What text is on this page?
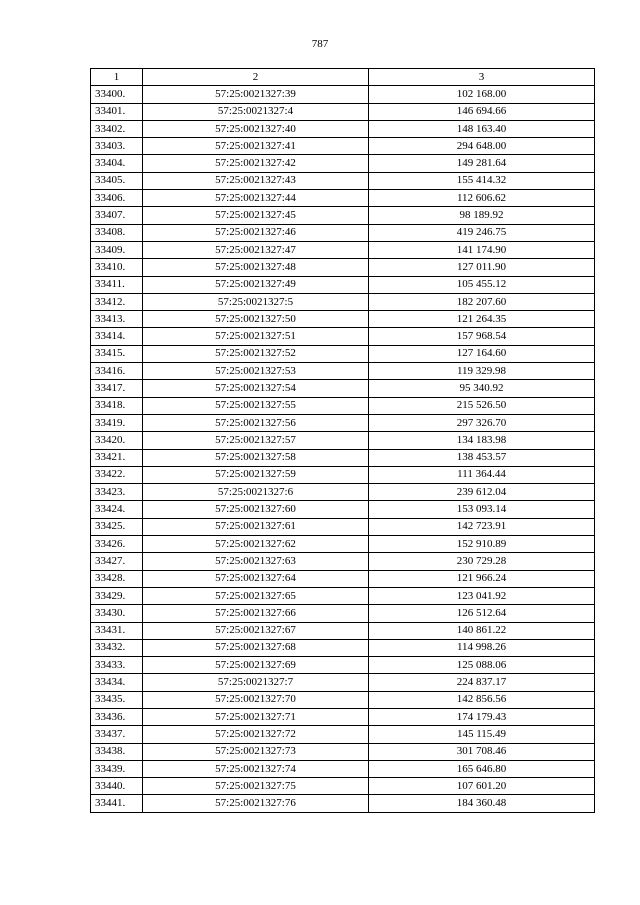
787
1	2	3
33400.	57:25:0021327:39	102 168.00
33401.	57:25:0021327:4	146 694.66
33402.	57:25:0021327:40	148 163.40
33403.	57:25:0021327:41	294 648.00
33404.	57:25:0021327:42	149 281.64
33405.	57:25:0021327:43	155 414.32
33406.	57:25:0021327:44	112 606.62
33407.	57:25:0021327:45	98 189.92
33408.	57:25:0021327:46	419 246.75
33409.	57:25:0021327:47	141 174.90
33410.	57:25:0021327:48	127 011.90
33411.	57:25:0021327:49	105 455.12
33412.	57:25:0021327:5	182 207.60
33413.	57:25:0021327:50	121 264.35
33414.	57:25:0021327:51	157 968.54
33415.	57:25:0021327:52	127 164.60
33416.	57:25:0021327:53	119 329.98
33417.	57:25:0021327:54	95 340.92
33418.	57:25:0021327:55	215 526.50
33419.	57:25:0021327:56	297 326.70
33420.	57:25:0021327:57	134 183.98
33421.	57:25:0021327:58	138 453.57
33422.	57:25:0021327:59	111 364.44
33423.	57:25:0021327:6	239 612.04
33424.	57:25:0021327:60	153 093.14
33425.	57:25:0021327:61	142 723.91
33426.	57:25:0021327:62	152 910.89
33427.	57:25:0021327:63	230 729.28
33428.	57:25:0021327:64	121 966.24
33429.	57:25:0021327:65	123 041.92
33430.	57:25:0021327:66	126 512.64
33431.	57:25:0021327:67	140 861.22
33432.	57:25:0021327:68	114 998.26
33433.	57:25:0021327:69	125 088.06
33434.	57:25:0021327:7	224 837.17
33435.	57:25:0021327:70	142 856.56
33436.	57:25:0021327:71	174 179.43
33437.	57:25:0021327:72	145 115.49
33438.	57:25:0021327:73	301 708.46
33439.	57:25:0021327:74	165 646.80
33440.	57:25:0021327:75	107 601.20
33441.	57:25:0021327:76	184 360.48
